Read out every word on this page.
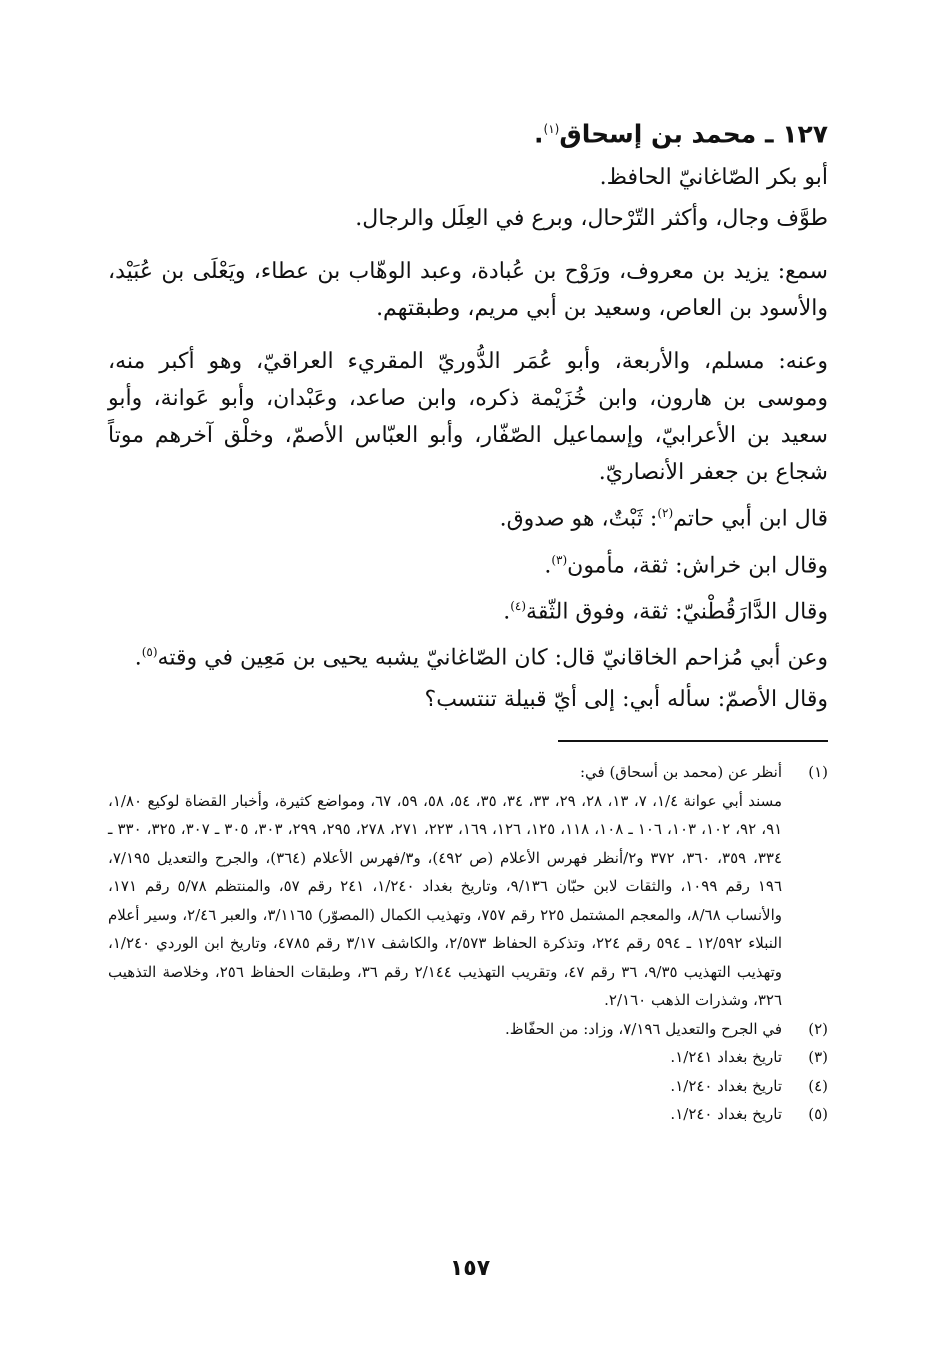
١٢٧ ـ محمد بن إسحاق$^{(١)}$.

أبو بكر الصّاغانيّ الحافظ.

طوَّف وجال، وأكثر التّرْحال، وبرع في العِلَل والرجال.

سمع: يزيد بن معروف، ورَوْح بن عُبادة، وعبد الوهّاب بن عطاء، ويَعْلَى بن عُبَيْد، والأسود بن العاص، وسعيد بن أبي مريم، وطبقتهم.

وعنه: مسلم، والأربعة، وأبو عُمَر الدُّوريّ المقريء العراقيّ، وهو أكبر منه، وموسى بن هارون، وابن خُزَيْمة ذكره، وابن صاعد، وعَبْدان، وأبو عَوانة، وأبو سعيد بن الأعرابيّ، وإسماعيل الصّفّار، وأبو العبّاس الأصمّ، وخلْق آخرهم موتاً شجاع بن جعفر الأنصاريّ.

قال ابن أبي حاتم$^{(٢)}$: ثَبْتٌ، هو صدوق.

وقال ابن خراش: ثقة، مأمون$^{(٣)}$.

وقال الدَّارَقُطْنيّ: ثقة، وفوق الثّقة$^{(٤)}$.

وعن أبي مُزاحم الخاقانيّ قال: كان الصّاغانيّ يشبه يحيى بن مَعِين في وقته$^{(٥)}$.

وقال الأصمّ: سأله أبي: إلى أيّ قبيلة تنتسب؟

(١)
أنظر عن (محمد بن أسحاق) في:
مسند أبي عوانة ١/٤، ٧، ١٣، ٢٨، ٢٩، ٣٣، ٣٤، ٣٥، ٥٤، ٥٨، ٥٩، ٦٧، ومواضع كثيرة، وأخبار القضاة لوكيع ١/٨٠، ٩١، ٩٢، ١٠٢، ١٠٣، ١٠٦ ـ ١٠٨، ١١٨، ١٢٥، ١٢٦، ١٦٩، ٢٢٣، ٢٧١، ٢٧٨، ٢٩٥، ٢٩٩، ٣٠٣، ٣٠٥ ـ ٣٠٧، ٣٢٥، ٣٣٠ ـ ٣٣٤، ٣٥٩، ٣٦٠، ٣٧٢ و٢/أنظر فهرس الأعلام (ص ٤٩٢)، و٣/فهرس الأعلام (٣٦٤)، والجرح والتعديل ٧/١٩٥، ١٩٦ رقم ١٠٩٩، والثقات لابن حبّان ٩/١٣٦، وتاريخ بغداد ١/٢٤٠، ٢٤١ رقم ٥٧، والمنتظم ٥/٧٨ رقم ١٧١، والأنساب ٨/٦٨، والمعجم المشتمل ٢٢٥ رقم ٧٥٧، وتهذيب الكمال (المصوّر) ٣/١١٦٥، والعبر ٢/٤٦، وسير أعلام النبلاء ١٢/٥٩٢ ـ ٥٩٤ رقم ٢٢٤، وتذكرة الحفاظ ٢/٥٧٣، والكاشف ٣/١٧ رقم ٤٧٨٥، وتاريخ ابن الوردي ١/٢٤٠، وتهذيب التهذيب ٩/٣٥، ٣٦ رقم ٤٧، وتقريب التهذيب ٢/١٤٤ رقم ٣٦، وطبقات الحفاظ ٢٥٦، وخلاصة التذهيب ٣٢٦، وشذرات الذهب ٢/١٦٠.
(٢)
في الجرح والتعديل ٧/١٩٦، وزاد: من الحفّاظ.
(٣)
تاريخ بغداد ١/٢٤١.
(٤)
تاريخ بغداد ١/٢٤٠.
(٥)
تاريخ بغداد ١/٢٤٠.
١٥٧
